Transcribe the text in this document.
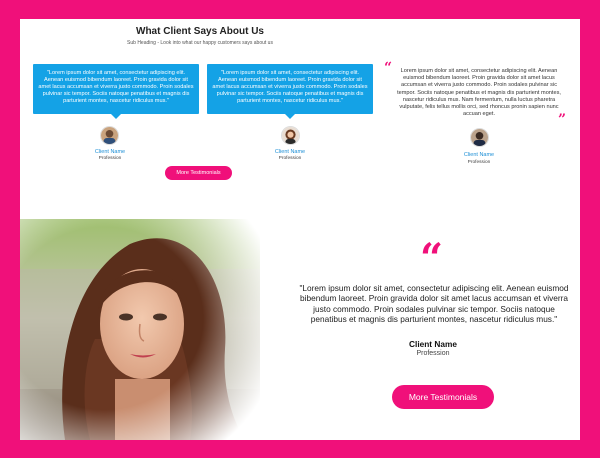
What Client Says About Us
Sub Heading - Look into what our happy customers says about us
"Lorem ipsum dolor sit amet, consectetur adipiscing elit. Aenean euismod bibendum laoreet. Proin gravida dolor sit amet lacus accumsan et viverra justo commodo. Proin sodales pulvinar sic tempor. Sociis natoque penatibus et magnis dis parturient montes, nascetur ridiculus mus."
"Lorem ipsum dolor sit amet, consectetur adipiscing elit. Aenean euismod bibendum laoreet. Proin gravida dolor sit amet lacus accumsan et viverra justo commodo. Proin sodales pulvinar sic tempor. Sociis natoque penatibus et magnis dis parturient montes, nascetur ridiculus mus."
“	Lorem ipsum dolor sit amet, consectetur adipiscing elit. Aenean euismod bibendum laoreet. Proin gravida dolor sit amet lacus accumsan et viverra justo commodo. Proin sodales pulvinar sic tempor. Sociis natoque penatibus et magnis dis parturient montes, nascetur ridiculus mus. Nam fermentum, nulla luctus pharetra vulputate, felis tellus mollis orci, sed rhoncus pronin sapien nunc accuan eget.	”
Client Name
Profession
Client Name
Profession
Client Name
Profession
More Testimonials
“
"Lorem ipsum dolor sit amet, consectetur adipiscing elit. Aenean euismod bibendum laoreet. Proin gravida dolor sit amet lacus accumsan et viverra justo commodo. Proin sodales pulvinar sic tempor. Sociis natoque penatibus et magnis dis parturient montes, nascetur ridiculus mus."
Client Name
Profession
More Testimonials
